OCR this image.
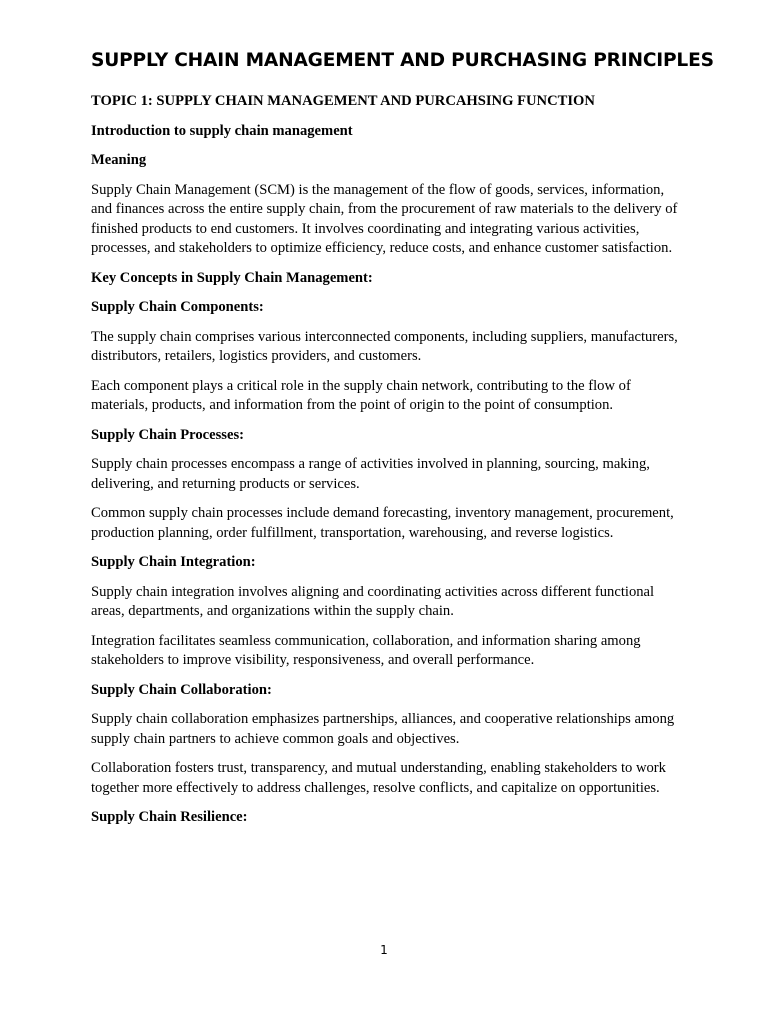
SUPPLY CHAIN MANAGEMENT AND PURCHASING PRINCIPLES
TOPIC 1: SUPPLY CHAIN MANAGEMENT AND PURCAHSING FUNCTION
Introduction to supply chain management
Meaning
Supply Chain Management (SCM) is the management of the flow of goods, services, information, and finances across the entire supply chain, from the procurement of raw materials to the delivery of finished products to end customers. It involves coordinating and integrating various activities, processes, and stakeholders to optimize efficiency, reduce costs, and enhance customer satisfaction.
Key Concepts in Supply Chain Management:
Supply Chain Components:
The supply chain comprises various interconnected components, including suppliers, manufacturers, distributors, retailers, logistics providers, and customers.
Each component plays a critical role in the supply chain network, contributing to the flow of materials, products, and information from the point of origin to the point of consumption.
Supply Chain Processes:
Supply chain processes encompass a range of activities involved in planning, sourcing, making, delivering, and returning products or services.
Common supply chain processes include demand forecasting, inventory management, procurement, production planning, order fulfillment, transportation, warehousing, and reverse logistics.
Supply Chain Integration:
Supply chain integration involves aligning and coordinating activities across different functional areas, departments, and organizations within the supply chain.
Integration facilitates seamless communication, collaboration, and information sharing among stakeholders to improve visibility, responsiveness, and overall performance.
Supply Chain Collaboration:
Supply chain collaboration emphasizes partnerships, alliances, and cooperative relationships among supply chain partners to achieve common goals and objectives.
Collaboration fosters trust, transparency, and mutual understanding, enabling stakeholders to work together more effectively to address challenges, resolve conflicts, and capitalize on opportunities.
Supply Chain Resilience:
1
